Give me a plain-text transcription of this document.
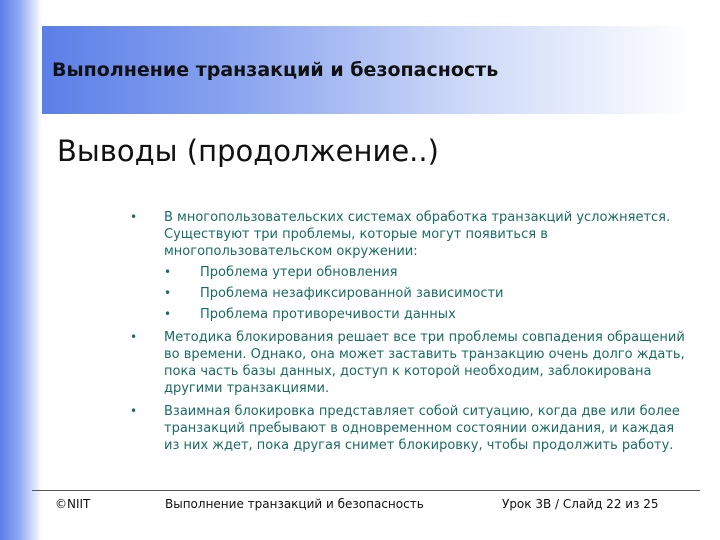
Выполнение транзакций и безопасность
Выводы (продолжение..)
• В многопользовательских системах обработка транзакций усложняется. Существуют три проблемы, которые могут появиться в многопользовательском окружении:
• Проблема утери обновления
• Проблема незафиксированной зависимости
• Проблема противоречивости данных
• Методика блокирования решает все три проблемы совпадения обращений во времени. Однако, она может заставить транзакцию очень долго ждать, пока часть базы данных, доступ к которой необходим, заблокирована другими транзакциями.
• Взаимная блокировка представляет собой ситуацию, когда две или более транзакций пребывают в одновременном состоянии ожидания, и каждая из них ждет, пока другая снимет блокировку, чтобы продолжить работу.
©NIIT	Выполнение транзакций и безопасность	Урок 3B / Слайд 22 из 25
